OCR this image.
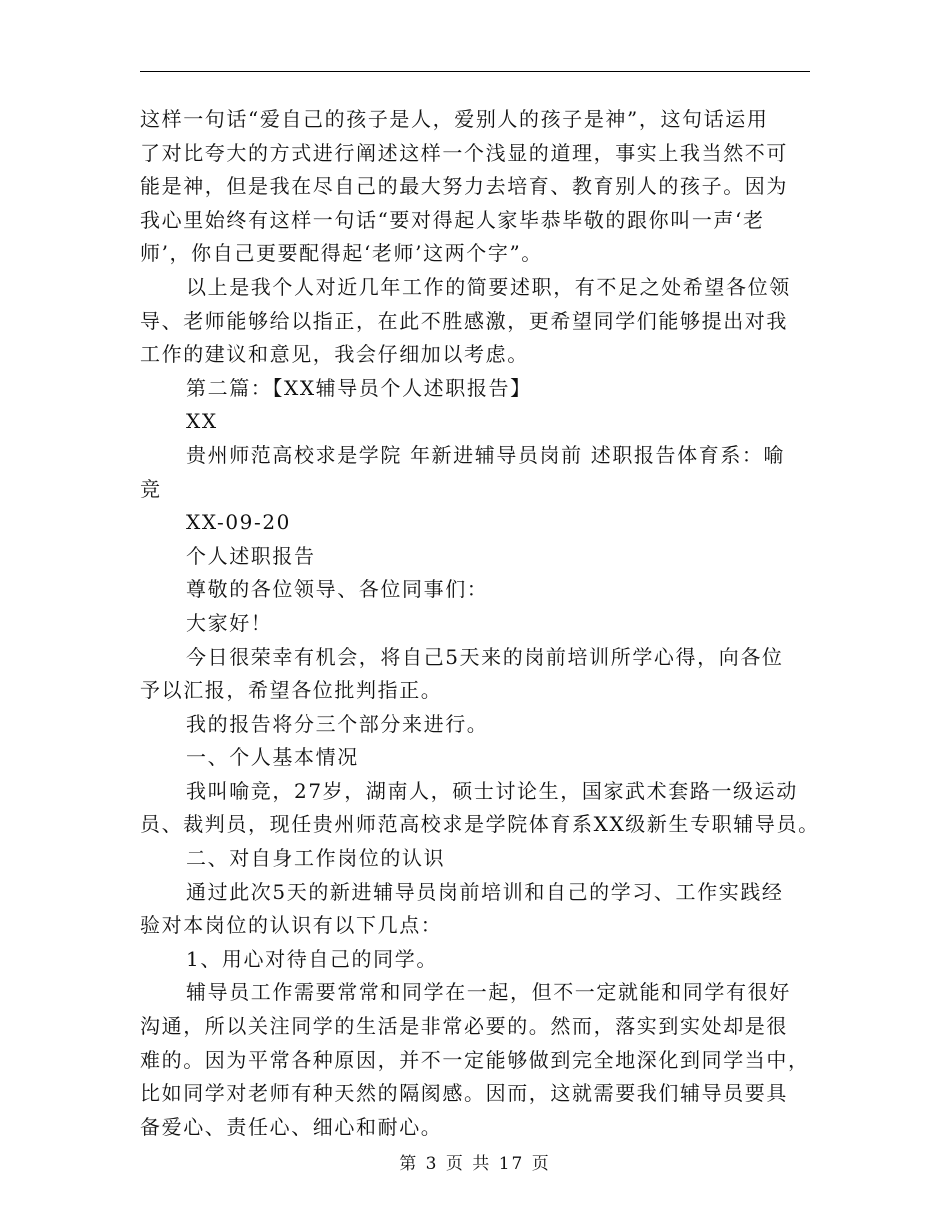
这样一句话“爱自己的孩子是人，爱别人的孩子是神”，这句话运用
了对比夸大的方式进行阐述这样一个浅显的道理，事实上我当然不可
能是神，但是我在尽自己的最大努力去培育、教育别人的孩子。因为
我心里始终有这样一句话“要对得起人家毕恭毕敬的跟你叫一声‘老
师’，你自己更要配得起‘老师’这两个字”。
以上是我个人对近几年工作的简要述职，有不足之处希望各位领
导、老师能够给以指正，在此不胜感激，更希望同学们能够提出对我
工作的建议和意见，我会仔细加以考虑。
第二篇：【XX辅导员个人述职报告】
XX
贵州师范高校求是学院 年新进辅导员岗前 述职报告体育系：喻
竞
XX-09-20
个人述职报告
尊敬的各位领导、各位同事们：
大家好！
今日很荣幸有机会，将自己5天来的岗前培训所学心得，向各位
予以汇报，希望各位批判指正。
我的报告将分三个部分来进行。
一、个人基本情况
我叫喻竞，27岁，湖南人，硕士讨论生，国家武术套路一级运动
员、裁判员，现任贵州师范高校求是学院体育系XX级新生专职辅导员。
二、对自身工作岗位的认识
通过此次5天的新进辅导员岗前培训和自己的学习、工作实践经
验对本岗位的认识有以下几点：
1、用心对待自己的同学。
辅导员工作需要常常和同学在一起，但不一定就能和同学有很好
沟通，所以关注同学的生活是非常必要的。然而，落实到实处却是很
难的。因为平常各种原因，并不一定能够做到完全地深化到同学当中，
比如同学对老师有种天然的隔阂感。因而，这就需要我们辅导员要具
备爱心、责任心、细心和耐心。
第 3 页 共 17 页
